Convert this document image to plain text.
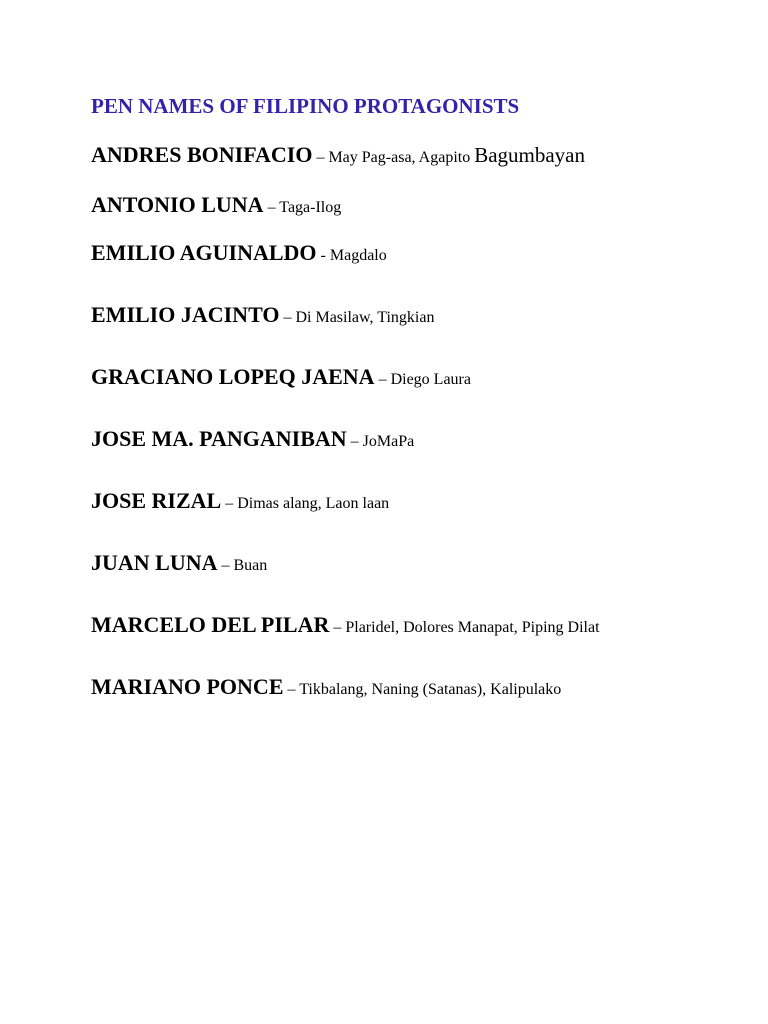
PEN NAMES OF FILIPINO PROTAGONISTS

ANDRES BONIFACIO – May Pag-asa, Agapito Bagumbayan

ANTONIO LUNA – Taga-Ilog

EMILIO AGUINALDO - Magdalo

EMILIO JACINTO – Di Masilaw, Tingkian

GRACIANO LOPEQ JAENA – Diego Laura

JOSE MA. PANGANIBAN – JoMaPa

JOSE RIZAL – Dimas alang, Laon laan

JUAN LUNA – Buan

MARCELO DEL PILAR – Plaridel, Dolores Manapat, Piping Dilat

MARIANO PONCE – Tikbalang, Naning (Satanas), Kalipulako
